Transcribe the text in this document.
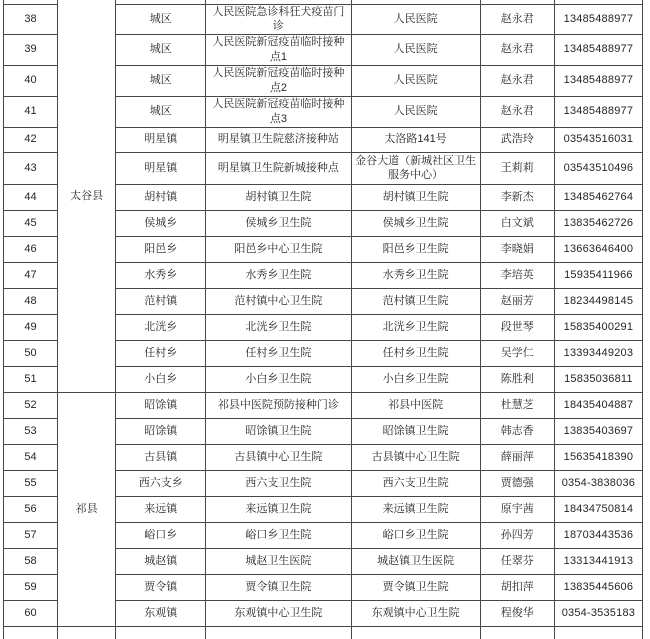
	太谷县					
38		城区	人民医院急诊科狂犬疫苗门诊	人民医院	赵永君	13485488977
39		城区	人民医院新冠疫苗临时接种点1	人民医院	赵永君	13485488977
40		城区	人民医院新冠疫苗临时接种点2	人民医院	赵永君	13485488977
41		城区	人民医院新冠疫苗临时接种点3	人民医院	赵永君	13485488977
42		明星镇	明星镇卫生院慈济接种站	太洛路141号	武浩玲	03543516031
43		明星镇	明星镇卫生院新城接种点	金谷大道（新城社区卫生服务中心）	王莉莉	03543510496
44		胡村镇	胡村镇卫生院	胡村镇卫生院	李新杰	13485462764
45		侯城乡	侯城乡卫生院	侯城乡卫生院	白文斌	13835462726
46		阳邑乡	阳邑乡中心卫生院	阳邑乡卫生院	李晓娟	13663646400
47		水秀乡	水秀乡卫生院	水秀乡卫生院	李培英	15935411966
48		范村镇	范村镇中心卫生院	范村镇卫生院	赵丽芳	18234498145
49		北洸乡	北洸乡卫生院	北洸乡卫生院	段世琴	15835400291
50		任村乡	任村乡卫生院	任村乡卫生院	吴学仁	13393449203
51		小白乡	小白乡卫生院	小白乡卫生院	陈胜利	15835036811
52	祁县	昭馀镇	祁县中医院预防接种门诊	祁县中医院	杜慧芝	18435404887
53		昭馀镇	昭馀镇卫生院	昭馀镇卫生院	韩志香	13835403697
54		古县镇	古县镇中心卫生院	古县镇中心卫生院	薛丽萍	15635418390
55		西六支乡	西六支卫生院	西六支卫生院	贾德强	0354-3838036
56		来远镇	来远镇卫生院	来远镇卫生院	原宇茜	18434750814
57		峪口乡	峪口乡卫生院	峪口乡卫生院	孙四芳	18703443536
58		城赵镇	城赵卫生医院	城赵镇卫生医院	任翠芬	13313441913
59		贾令镇	贾令镇卫生院	贾令镇卫生院	胡扣萍	13835445606
60		东观镇	东观镇中心卫生院	东观镇中心卫生院	程俊华	0354-3535183
